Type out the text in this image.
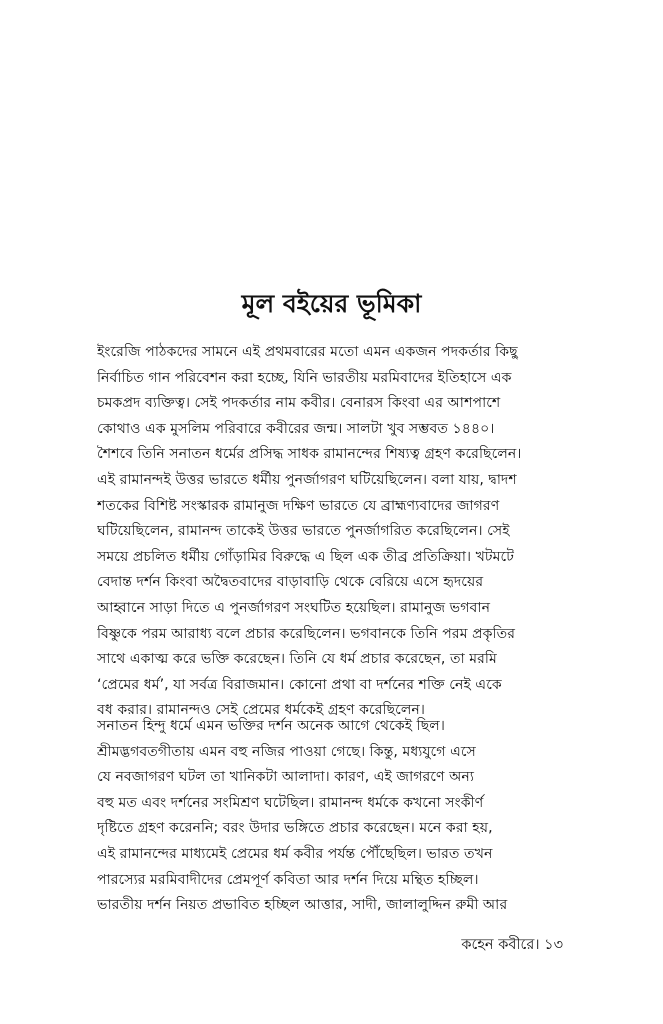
মূল বইয়ের ভূমিকা
ইংরেজি পাঠকদের সামনে এই প্রথমবারের মতো এমন একজন পদকর্তার কিছু
নির্বাচিত গান পরিবেশন করা হচ্ছে, যিনি ভারতীয় মরমিবাদের ইতিহাসে এক
চমকপ্রদ ব্যক্তিত্ব। সেই পদকর্তার নাম কবীর। বেনারস কিংবা এর আশপাশে
কোথাও এক মুসলিম পরিবারে কবীরের জন্ম। সালটা খুব সম্ভবত ১৪৪০।
শৈশবে তিনি সনাতন ধর্মের প্রসিদ্ধ সাধক রামানন্দের শিষ্যত্ব গ্রহণ করেছিলেন।
এই রামানন্দই উত্তর ভারতে ধর্মীয় পুনর্জাগরণ ঘটিয়েছিলেন। বলা যায়, দ্বাদশ
শতকের বিশিষ্ট সংস্কারক রামানুজ দক্ষিণ ভারতে যে ব্রাহ্মণ্যবাদের জাগরণ
ঘটিয়েছিলেন, রামানন্দ তাকেই উত্তর ভারতে পুনর্জাগরিত করেছিলেন। সেই
সময়ে প্রচলিত ধর্মীয় গোঁড়ামির বিরুদ্ধে এ ছিল এক তীব্র প্রতিক্রিয়া। খটমটে
বেদান্ত দর্শন কিংবা অদ্বৈতবাদের বাড়াবাড়ি থেকে বেরিয়ে এসে হৃদয়ের
আহ্বানে সাড়া দিতে এ পুনর্জাগরণ সংঘটিত হয়েছিল। রামানুজ ভগবান
বিষ্ণুকে পরম আরাধ্য বলে প্রচার করেছিলেন। ভগবানকে তিনি পরম প্রকৃতির
সাথে একাত্ম করে ভক্তি করেছেন। তিনি যে ধর্ম প্রচার করেছেন, তা মরমি
‘প্রেমের ধর্ম’, যা সর্বত্র বিরাজমান। কোনো প্রথা বা দর্শনের শক্তি নেই একে
বধ করার। রামানন্দও সেই প্রেমের ধর্মকেই গ্রহণ করেছিলেন।
সনাতন হিন্দু ধর্মে এমন ভক্তির দর্শন অনেক আগে থেকেই ছিল।
শ্রীমদ্ভগবতগীতায় এমন বহু নজির পাওয়া গেছে। কিন্তু, মধ্যযুগে এসে
যে নবজাগরণ ঘটল তা খানিকটা আলাদা। কারণ, এই জাগরণে অন্য
বহু মত এবং দর্শনের সংমিশ্রণ ঘটেছিল। রামানন্দ ধর্মকে কখনো সংকীর্ণ
দৃষ্টিতে গ্রহণ করেননি; বরং উদার ভঙ্গিতে প্রচার করেছেন। মনে করা হয়,
এই রামানন্দের মাধ্যমেই প্রেমের ধর্ম কবীর পর্যন্ত পৌঁছেছিল। ভারত তখন
পারস্যের মরমিবাদীদের প্রেমপূর্ণ কবিতা আর দর্শন দিয়ে মন্থিত হচ্ছিল।
ভারতীয় দর্শন নিয়ত প্রভাবিত হচ্ছিল আত্তার, সাদী, জালালুদ্দিন রুমী আর
কহেন কবীরে। ১৩
